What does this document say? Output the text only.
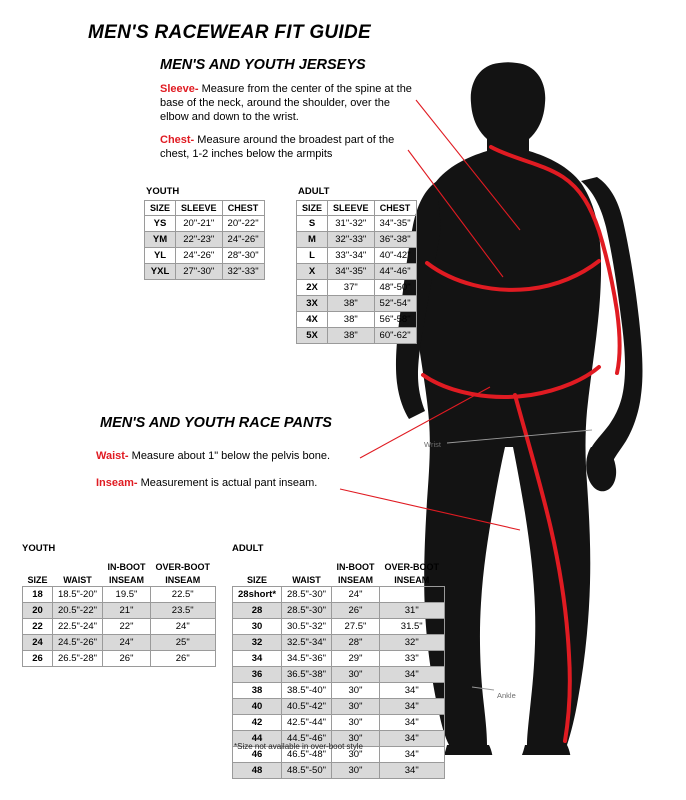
Wrist
Ankle
MEN'S RACEWEAR FIT GUIDE
MEN'S AND YOUTH JERSEYS
MEN'S AND YOUTH RACE PANTS
Sleeve- Measure from the center of the spine at the base of the neck, around the shoulder, over the elbow and down to the wrist.
Chest- Measure around the broadest part of the chest, 1-2 inches below the armpits
Waist- Measure about 1" below the pelvis bone.
Inseam- Measurement is actual pant inseam.
YOUTH	ADULT
YOUTH	ADULT
SIZE	SLEEVE	CHEST
YS	20"-21"	20"-22"
YM	22"-23"	24"-26"
YL	24"-26"	28"-30"
YXL	27"-30"	32"-33"
SIZE	SLEEVE	CHEST
S	31"-32"	34"-35"
M	32"-33"	36"-38"
L	33"-34"	40"-42"
X	34"-35"	44"-46"
2X	37"	48"-50"
3X	38"	52"-54"
4X	38"	56"-58"
5X	38"	60"-62"
		IN-BOOT	OVER-BOOT
SIZE	WAIST	INSEAM	INSEAM
18	18.5"-20"	19.5"	22.5"
20	20.5"-22"	21"	23.5"
22	22.5"-24"	22"	24"
24	24.5"-26"	24"	25"
26	26.5"-28"	26"	26"
		IN-BOOT	OVER-BOOT
SIZE	WAIST	INSEAM	INSEAM
28short*	28.5"-30"	24"	
28	28.5"-30"	26"	31"
30	30.5"-32"	27.5"	31.5"
32	32.5"-34"	28"	32"
34	34.5"-36"	29"	33"
36	36.5"-38"	30"	34"
38	38.5"-40"	30"	34"
40	40.5"-42"	30"	34"
42	42.5"-44"	30"	34"
44	44.5"-46"	30"	34"
46	46.5"-48"	30"	34"
48	48.5"-50"	30"	34"
*Size not available in over-boot style
